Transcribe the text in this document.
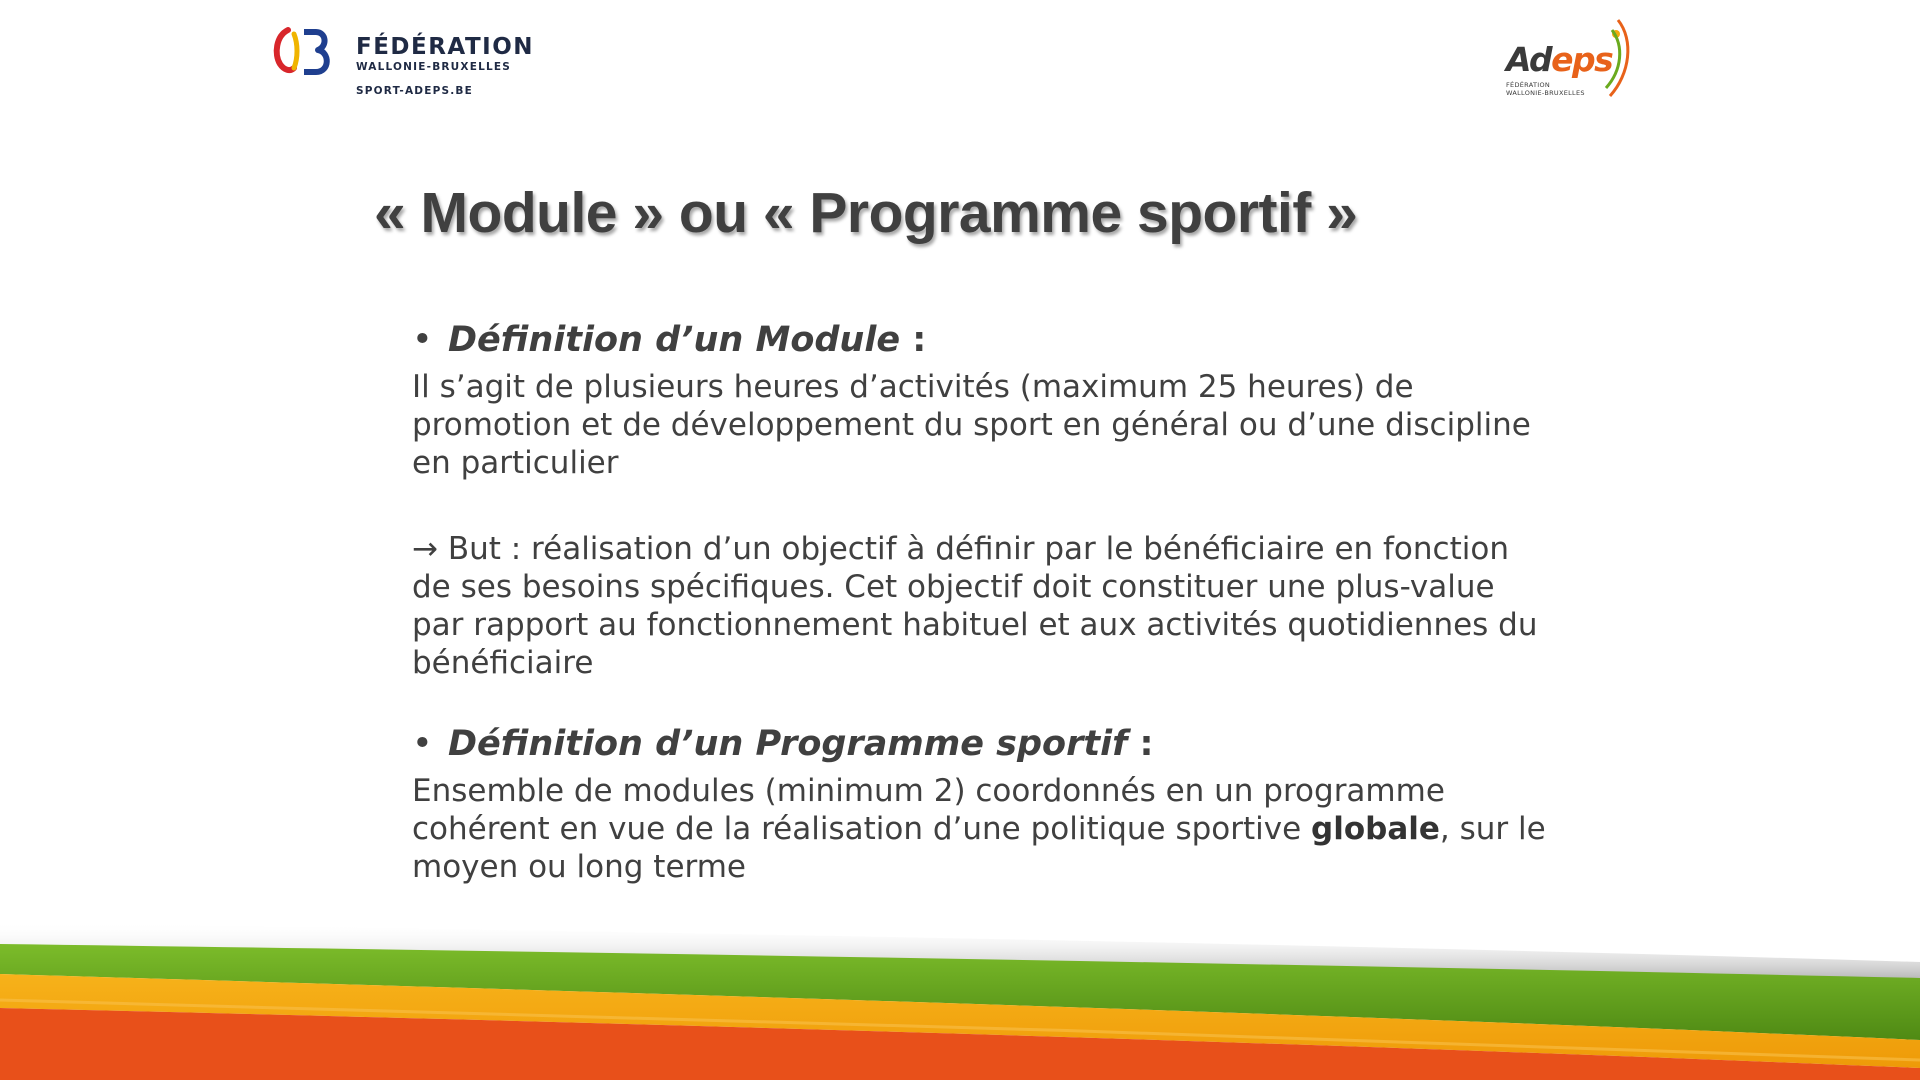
FÉDÉRATION
WALLONIE-BRUXELLES
SPORT-ADEPS.BE
Adeps
FÉDÉRATION
WALLONIE-BRUXELLES
« Module » ou « Programme sportif »
• Définition d’un Module :
Il s’agit de plusieurs heures d’activités (maximum 25 heures) de promotion et de développement du sport en général ou d’une discipline en particulier
→ But : réalisation d’un objectif à définir par le bénéficiaire en fonction de ses besoins spécifiques. Cet objectif doit constituer une plus-value par rapport au fonctionnement habituel et aux activités quotidiennes du bénéficiaire
• Définition d’un Programme sportif :
Ensemble de modules (minimum 2) coordonnés en un programme cohérent en vue de la réalisation d’une politique sportive globale, sur le moyen ou long terme
